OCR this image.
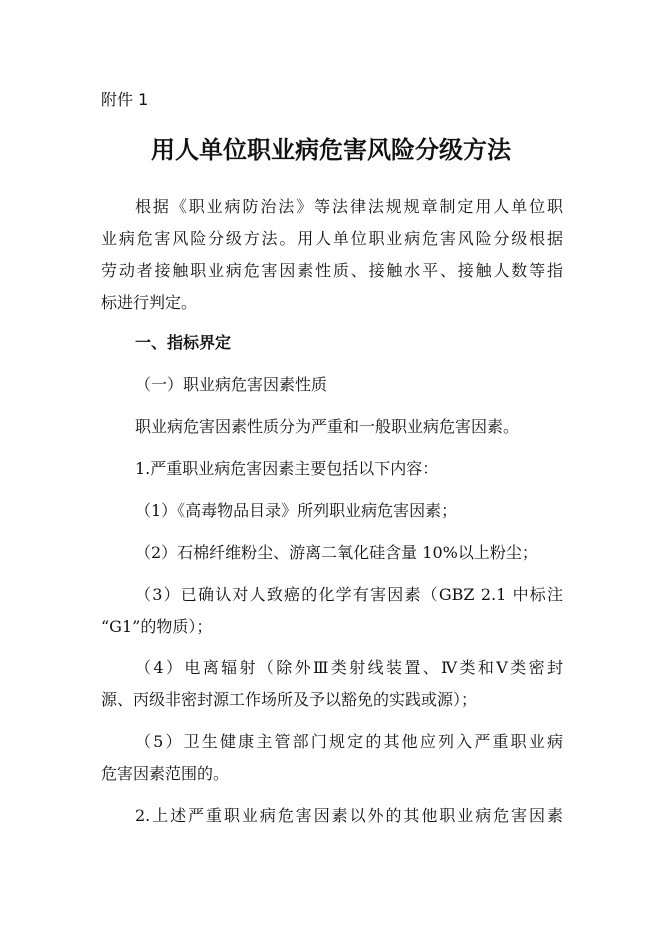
附件 1
用人单位职业病危害风险分级方法
根据《职业病防治法》等法律法规规章制定用人单位职
业病危害风险分级方法。用人单位职业病危害风险分级根据
劳动者接触职业病危害因素性质、接触水平、接触人数等指
标进行判定。
一、指标界定
（一）职业病危害因素性质
职业病危害因素性质分为严重和一般职业病危害因素。
1.严重职业病危害因素主要包括以下内容：
（1）《高毒物品目录》所列职业病危害因素；
（2）石棉纤维粉尘、游离二氧化硅含量 10%以上粉尘；
（3）已确认对人致癌的化学有害因素（GBZ 2.1 中标注
“G1”的物质）；
（4）电离辐射（除外Ⅲ类射线装置、Ⅳ类和Ⅴ类密封
源、丙级非密封源工作场所及予以豁免的实践或源）；
（5）卫生健康主管部门规定的其他应列入严重职业病
危害因素范围的。
2.上述严重职业病危害因素以外的其他职业病危害因素
